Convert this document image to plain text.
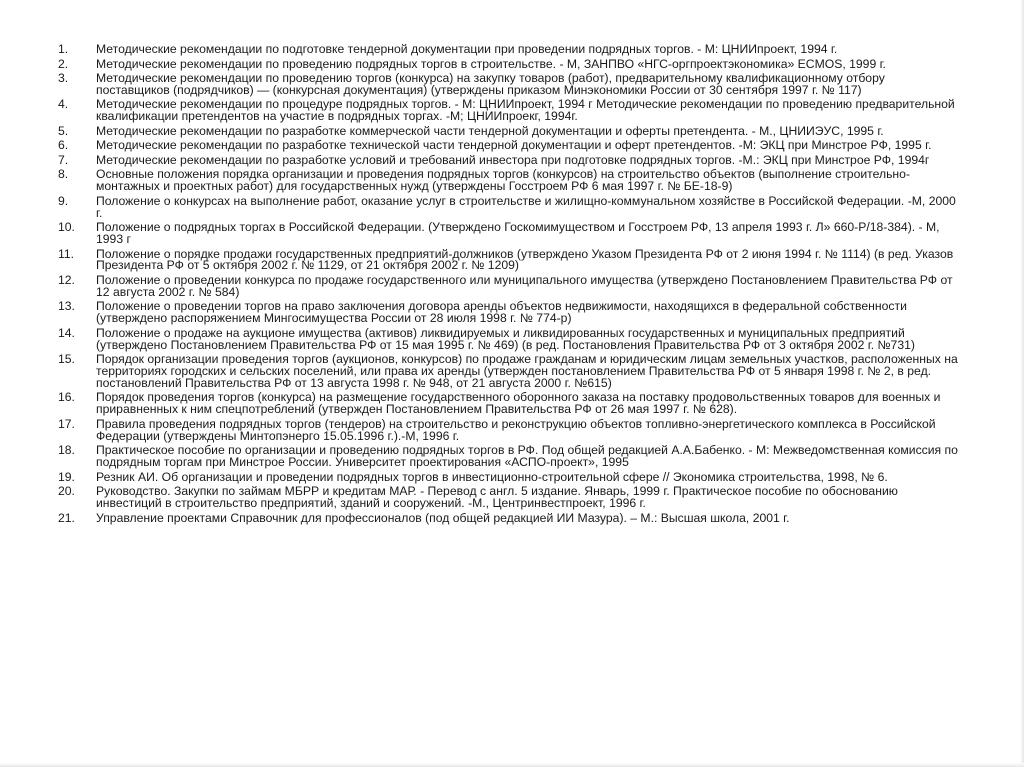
1.	Методические рекомендации по подготовке тендерной документации при проведении подрядных торгов. - М: ЦНИИпроект, 1994 г.
2.	Методические рекомендации по проведению подрядных торгов в строительстве. - М, ЗАНПВО «НГС-оргпроектэкономика» ECMOS, 1999 г.
3.	Методические рекомендации по проведению торгов (конкурса) на закупку товаров (работ), предварительному квалификационному отбору поставщиков (подрядчиков) — (конкурсная документация) (утверждены приказом Минэкономики России от 30 сентября 1997 г. № 117)
4.	Методические рекомендации по процедуре подрядных торгов. - М: ЦНИИпроект, 1994 г Методические рекомендации по проведению предварительной квалификации претендентов на участие в подрядных торгах. -М; ЦНИИпроекг, 1994г.
5.	Методические рекомендации по разработке коммерческой части тендерной документации и оферты претендента. - М., ЦНИИЭУС, 1995 г.
6.	Методические рекомендации по разработке технической части тендерной документации и оферт претендентов. -М: ЭКЦ при Минстрое РФ, 1995 г.
7.	Методические рекомендации по разработке условий и требований инвестора при подготовке подрядных торгов. -М.: ЭКЦ при Минстрое РФ, 1994г
8.	Основные положения порядка организации и проведения подрядных торгов (конкурсов) на строительство объектов (выполнение строительно-монтажных и проектных работ) для государственных нужд (утверждены Госстроем РФ 6 мая 1997 г. № БЕ-18-9)
9.	Положение о конкурсах на выполнение работ, оказание услуг в строительстве и жилищно-коммунальном хозяйстве в Российской Федерации. -М, 2000 г.
10.	Положение о подрядных торгах в Российской Федерации. (Утверждено Госкомимуществом и Госстроем РФ, 13 апреля 1993 г. Л» 660-Р/18-384). - М, 1993 г
11.	Положение о порядке продажи государственных предприятий-должников (утверждено Указом Президента РФ от 2 июня 1994 г. № 1114) (в ред. Указов Президента РФ от 5 октября 2002 г. № 1129, от 21 октября 2002 г. № 1209)
12.	Положение о проведении конкурса по продаже государственного или муниципального имущества (утверждено Постановлением Правительства РФ от 12 августа 2002 г. № 584)
13.	Положение о проведении торгов на право заключения договора аренды объектов недвижимости, находящихся в федеральной собственности (утверждено распоряжением Мингосимущества России от 28 июля 1998 г. № 774-р)
14.	Положение о продаже на аукционе имущества (активов) ликвидируемых и ликвидированных государственных и муниципальных предприятий (утверждено Постановлением Правительства РФ от 15 мая 1995 г. № 469) (в ред. Постановления Правительства РФ от 3 октября 2002 г. №731)
15.	Порядок организации проведения торгов (аукционов, конкурсов) по продаже гражданам и юридическим лицам земельных участков, расположенных на территориях городских и сельских поселений, или права их аренды (утвержден постановлением Правительства РФ от 5 января 1998 г. № 2, в ред. постановлений Правительства РФ от 13 августа 1998 г. № 948, от 21 августа 2000 г. №615)
16.	Порядок проведения торгов (конкурса) на размещение государственного оборонного заказа на поставку продовольственных товаров для военных и приравненных к ним спецпотреблений (утвержден Постановлением Правительства РФ от 26 мая 1997 г. № 628).
17.	Правила проведения подрядных торгов (тендеров) на строительство и реконструкцию объектов топливно-энергетического комплекса в Российской Федерации (утверждены Минтопэнерго 15.05.1996 г.).-М, 1996 г.
18.	Практическое пособие по организации и проведению подрядных торгов в РФ. Под общей редакцией А.А.Бабенко. - М: Межведомственная комиссия по подрядным торгам при Минстрое России. Университет проектирования «АСПО-проект», 1995
19.	Резник АИ. Об организации и проведении подрядных торгов в инвестиционно-строительной сфере // Экономика строительства, 1998, № 6.
20.	Руководство. Закупки по займам МБРР и кредитам МАР. - Перевод с англ. 5 издание. Январь, 1999 г. Практическое пособие по обоснованию инвестиций в строительство предприятий, зданий и сооружений. -М., Центринвестпроект, 1996 г.
21.	Управление проектами Справочник для профессионалов (под общей редакцией ИИ Мазура). – М.: Высшая школа, 2001 г.
